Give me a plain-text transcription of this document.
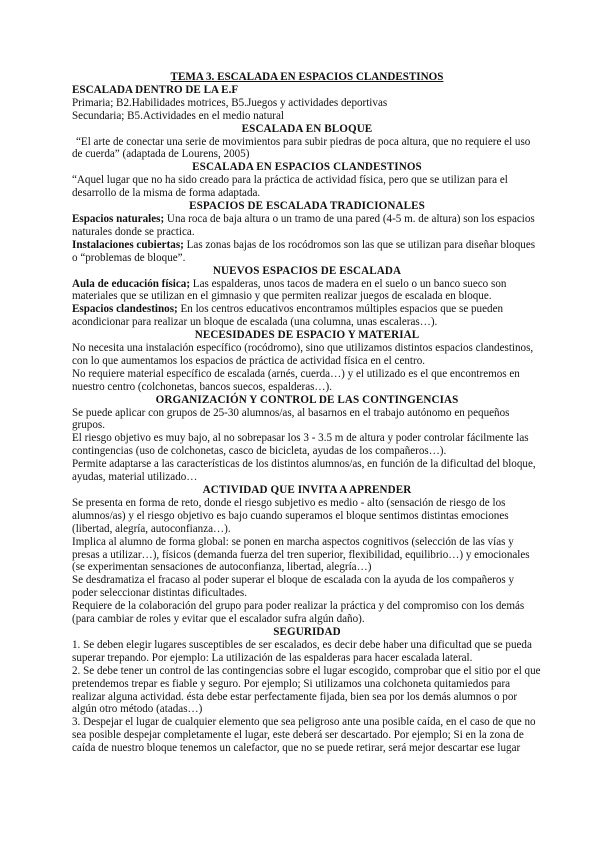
TEMA 3. ESCALADA EN ESPACIOS CLANDESTINOS

ESCALADA DENTRO DE LA E.F

Primaria; B2.Habilidades motrices, B5.Juegos y actividades deportivas

Secundaria; B5.Actividades en el medio natural

ESCALADA EN BLOQUE

“El arte de conectar una serie de movimientos para subir piedras de poca altura, que no requiere el uso de cuerda” (adaptada de Lourens, 2005)

ESCALADA EN ESPACIOS CLANDESTINOS

“Aquel lugar que no ha sido creado para la práctica de actividad física, pero que se utilizan para el desarrollo de la misma de forma adaptada.

ESPACIOS DE ESCALADA TRADICIONALES

Espacios naturales; Una roca de baja altura o un tramo de una pared (4-5 m. de altura) son los espacios naturales donde se practica.

Instalaciones cubiertas; Las zonas bajas de los rocódromos son las que se utilizan para diseñar bloques o “problemas de bloque”.

NUEVOS ESPACIOS DE ESCALADA

Aula de educación física; Las espalderas, unos tacos de madera en el suelo o un banco sueco son materiales que se utilizan en el gimnasio y que permiten realizar juegos de escalada en bloque.

Espacios clandestinos; En los centros educativos encontramos múltiples espacios que se pueden acondicionar para realizar un bloque de escalada (una columna, unas escaleras…).

NECESIDADES DE ESPACIO Y MATERIAL

No necesita una instalación específico (rocódromo), sino que utilizamos distintos espacios clandestinos, con lo que aumentamos los espacios de práctica de actividad física en el centro.

No requiere material específico de escalada (arnés, cuerda…) y el utilizado es el que encontremos en nuestro centro (colchonetas, bancos suecos, espalderas…).

ORGANIZACIÓN Y CONTROL DE LAS CONTINGENCIAS

Se puede aplicar con grupos de 25-30 alumnos/as, al basarnos en el trabajo autónomo en pequeños grupos.

El riesgo objetivo es muy bajo, al no sobrepasar los 3 - 3.5 m de altura y poder controlar fácilmente las contingencias (uso de colchonetas, casco de bicicleta, ayudas de los compañeros…).

Permite adaptarse a las características de los distintos alumnos/as, en función de la dificultad del bloque, ayudas, material utilizado…

ACTIVIDAD QUE INVITA A APRENDER

Se presenta en forma de reto, donde el riesgo subjetivo es medio - alto (sensación de riesgo de los alumnos/as) y el riesgo objetivo es bajo cuando superamos el bloque sentimos distintas emociones (libertad, alegría, autoconfianza…).

Implica al alumno de forma global: se ponen en marcha aspectos cognitivos (selección de las vías y presas a utilizar…), físicos (demanda fuerza del tren superior, flexibilidad, equilibrio…) y emocionales (se experimentan sensaciones de autoconfianza, libertad, alegría…)

Se desdramatiza el fracaso al poder superar el bloque de escalada con la ayuda de los compañeros y poder seleccionar distintas dificultades.

Requiere de la colaboración del grupo para poder realizar la práctica y del compromiso con los demás (para cambiar de roles y evitar que el escalador sufra algún daño).

SEGURIDAD

1. Se deben elegir lugares susceptibles de ser escalados, es decir debe haber una dificultad que se pueda superar trepando. Por ejemplo: La utilización de las espalderas para hacer escalada lateral.

2. Se debe tener un control de las contingencias sobre el lugar escogido, comprobar que el sitio por el que pretendemos trepar es fiable y seguro. Por ejemplo; Si utilizamos una colchoneta quitamiedos para realizar alguna actividad. ésta debe estar perfectamente fijada, bien sea por los demás alumnos o por algún otro método (atadas…)

3. Despejar el lugar de cualquier elemento que sea peligroso ante una posible caída, en el caso de que no sea posible despejar completamente el lugar, este deberá ser descartado. Por ejemplo; Si en la zona de caída de nuestro bloque tenemos un calefactor, que no se puede retirar, será mejor descartar ese lugar
